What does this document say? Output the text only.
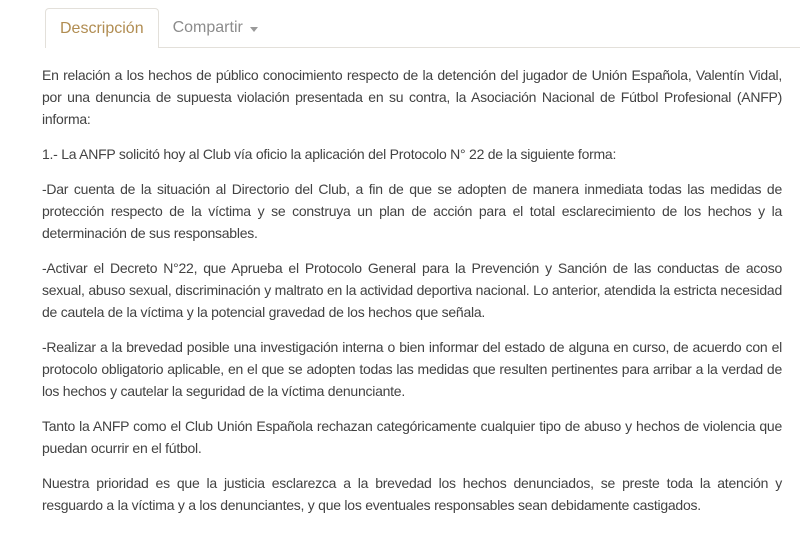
Descripción	Compartir

En relación a los hechos de público conocimiento respecto de la detención del jugador de Unión Española, Valentín Vidal, por una denuncia de supuesta violación presentada en su contra, la Asociación Nacional de Fútbol Profesional (ANFP) informa:

1.- La ANFP solicitó hoy al Club vía oficio la aplicación del Protocolo N° 22 de la siguiente forma:

-Dar cuenta de la situación al Directorio del Club, a fin de que se adopten de manera inmediata todas las medidas de protección respecto de la víctima y se construya un plan de acción para el total esclarecimiento de los hechos y la determinación de sus responsables.

-Activar el Decreto N°22, que Aprueba el Protocolo General para la Prevención y Sanción de las conductas de acoso sexual, abuso sexual, discriminación y maltrato en la actividad deportiva nacional. Lo anterior, atendida la estricta necesidad de cautela de la víctima y la potencial gravedad de los hechos que señala.

-Realizar a la brevedad posible una investigación interna o bien informar del estado de alguna en curso, de acuerdo con el protocolo obligatorio aplicable, en el que se adopten todas las medidas que resulten pertinentes para arribar a la verdad de los hechos y cautelar la seguridad de la víctima denunciante.

Tanto la ANFP como el Club Unión Española rechazan categóricamente cualquier tipo de abuso y hechos de violencia que puedan ocurrir en el fútbol.

Nuestra prioridad es que la justicia esclarezca a la brevedad los hechos denunciados, se preste toda la atención y resguardo a la víctima y a los denunciantes, y que los eventuales responsables sean debidamente castigados.
